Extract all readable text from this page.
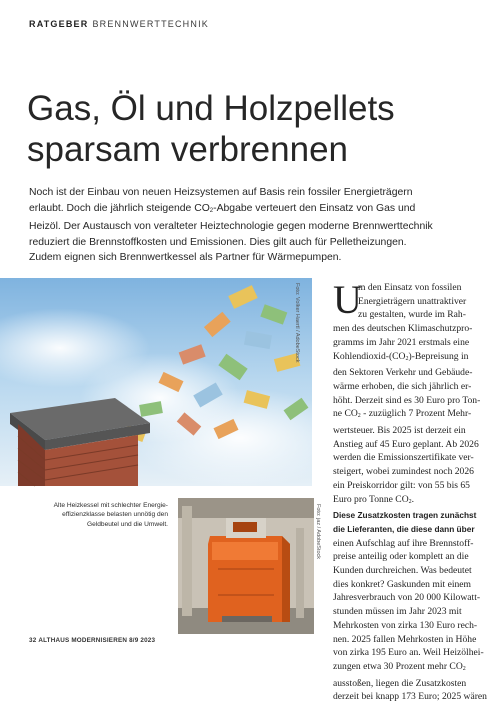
RATGEBER BRENNWERTTECHNIK
Gas, Öl und Holzpellets
sparsam verbrennen
Noch ist der Einbau von neuen Heizsystemen auf Basis rein fossiler Energieträgern
erlaubt. Doch die jährlich steigende $CO_2$-Abgabe verteuert den Einsatz von Gas und
Heizöl. Der Austausch von veralteter Heiztechnologie gegen moderne Brennwerttechnik
reduziert die Brennstoffkosten und Emissionen. Dies gilt auch für Pelletheizungen.
Zudem eignen sich Brennwertkessel als Partner für Wärmepumpen.
Foto: Volker Haertl / AdobeStock
Alte Heizkessel mit schlechter Energie-
effizienzklasse belasten unnötig den
Geldbeutel und die Umwelt.	Foto: jaz / AdobeStock
U
m den Einsatz von fossilen
Energieträgern unattraktiver
zu gestalten, wurde im Rah-
men des deutschen Klimaschutzpro-
gramms im Jahr 2021 erstmals eine
Kohlendioxid-$(CO_2)$-Bepreisung in
den Sektoren Verkehr und Gebäude-
wärme erhoben, die sich jährlich er-
höht. Derzeit sind es 30 Euro pro Ton-
ne $CO_2$ - zuzüglich 7 Prozent Mehr-
wertsteuer. Bis 2025 ist derzeit ein
Anstieg auf 45 Euro geplant. Ab 2026
werden die Emissionszertifikate ver-
steigert, wobei zumindest noch 2026
ein Preiskorridor gilt: von 55 bis 65
Euro pro Tonne $CO_2$.
Diese Zusatzkosten tragen zunächst
die Lieferanten, die diese dann über
einen Aufschlag auf ihre Brennstoff-
preise anteilig oder komplett an die
Kunden durchreichen. Was bedeutet
dies konkret? Gaskunden mit einem
Jahresverbrauch von 20 000 Kilowatt-
stunden müssen im Jahr 2023 mit
Mehrkosten von zirka 130 Euro rech-
nen. 2025 fallen Mehrkosten in Höhe
von zirka 195 Euro an. Weil Heizölhei-
zungen etwa 30 Prozent mehr $CO_2$
ausstoßen, liegen die Zusatzkosten
derzeit bei knapp 173 Euro; 2025 wären
32 ALTHAUS MODERNISIEREN 8/9 2023
